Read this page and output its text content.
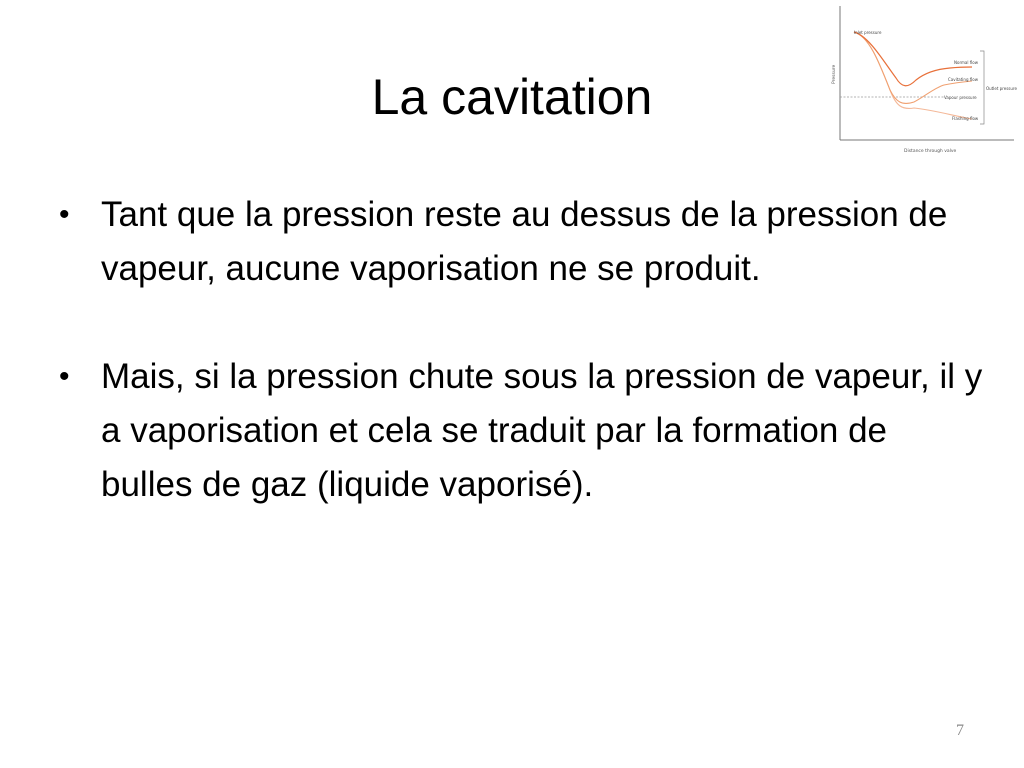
La cavitation	Pressure
Distance through valve
Inlet pressure
Normal flow
Cavitating flow
Vapour pressure
Flashing flow
Outlet pressure
• Tant que la pression reste au dessus de la pression de vapeur, aucune vaporisation ne se produit.
• Mais, si la pression chute sous la pression de vapeur, il y a vaporisation et cela se traduit par la formation de bulles de gaz (liquide vaporisé).
7
